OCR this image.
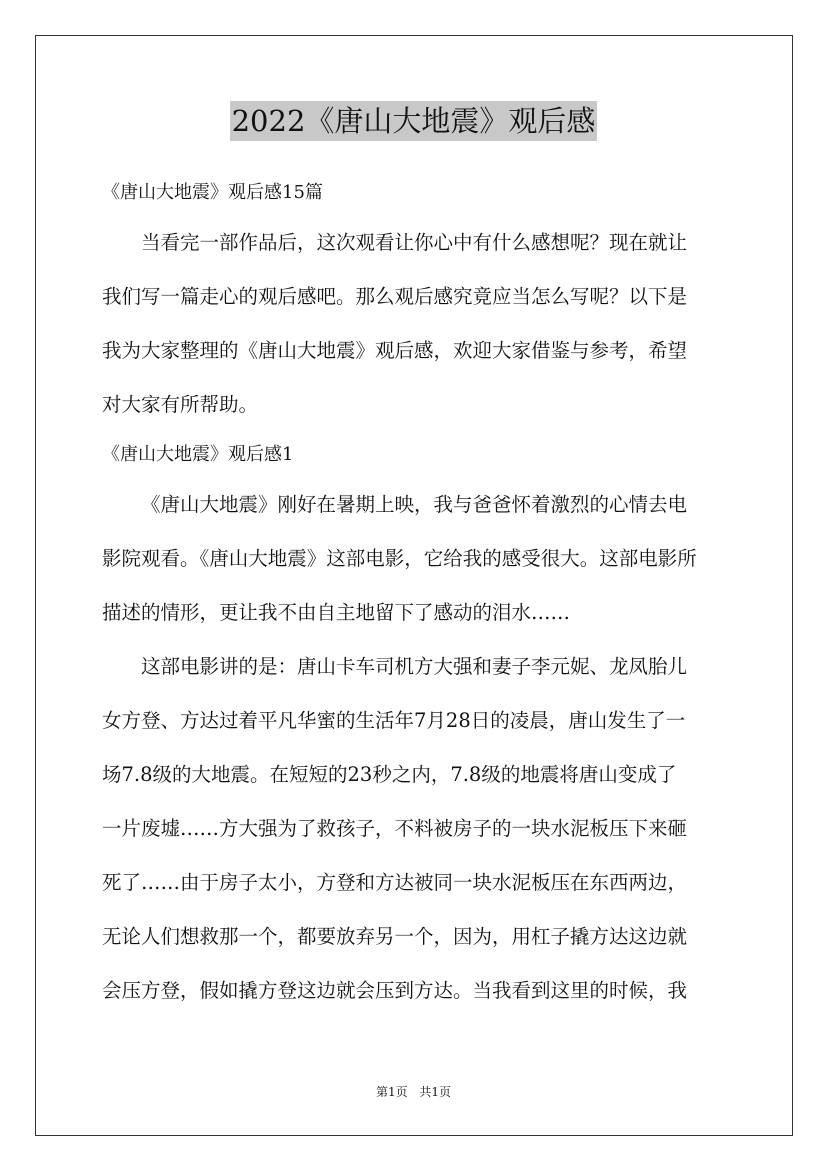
2022《唐山大地震》观后感
《唐山大地震》观后感15篇
当看完一部作品后，这次观看让你心中有什么感想呢？现在就让
我们写一篇走心的观后感吧。那么观后感究竟应当怎么写呢？以下是
我为大家整理的《唐山大地震》观后感，欢迎大家借鉴与参考，希望
对大家有所帮助。
《唐山大地震》观后感1
《唐山大地震》刚好在暑期上映，我与爸爸怀着激烈的心情去电
影院观看。《唐山大地震》这部电影，它给我的感受很大。这部电影所
描述的情形，更让我不由自主地留下了感动的泪水……
这部电影讲的是：唐山卡车司机方大强和妻子李元妮、龙凤胎儿
女方登、方达过着平凡华蜜的生活年7月28日的凌晨，唐山发生了一
场7.8级的大地震。在短短的23秒之内，7.8级的地震将唐山变成了
一片废墟……方大强为了救孩子，不料被房子的一块水泥板压下来砸
死了……由于房子太小，方登和方达被同一块水泥板压在东西两边，
无论人们想救那一个，都要放弃另一个，因为，用杠子撬方达这边就
会压方登，假如撬方登这边就会压到方达。当我看到这里的时候，我
第1页 共1页
